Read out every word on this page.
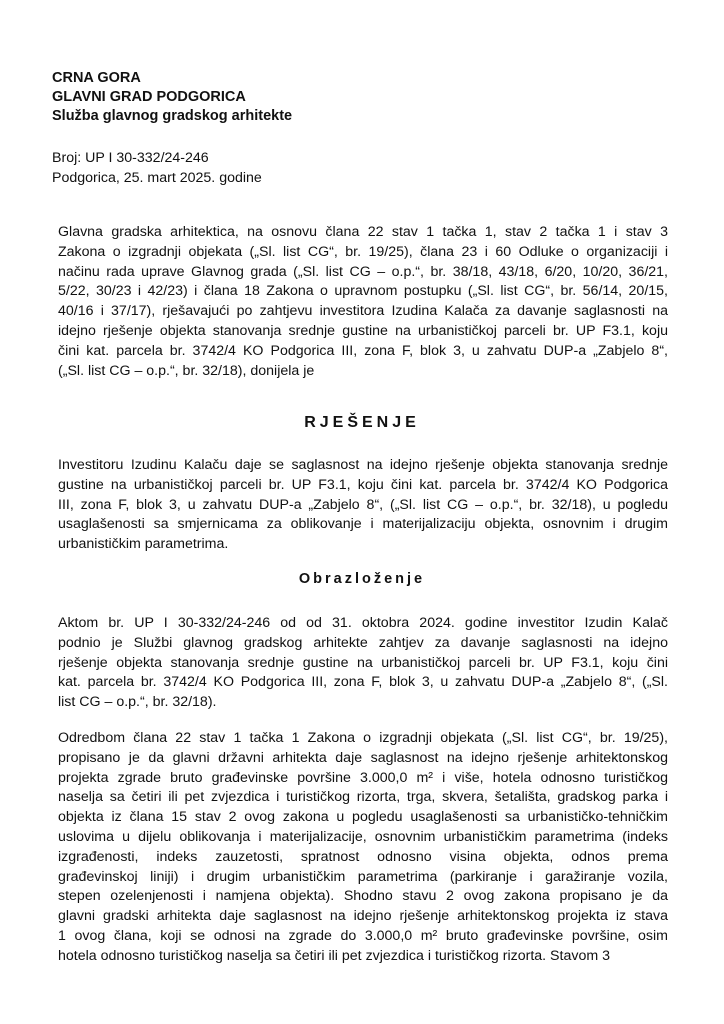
CRNA GORA
GLAVNI GRAD PODGORICA
Služba glavnog gradskog arhitekte
Broj: UP I 30-332/24-246
Podgorica, 25. mart 2025. godine
Glavna gradska arhitektica, na osnovu člana 22 stav 1 tačka 1, stav 2 tačka 1 i stav 3
Zakona o izgradnji objekata („Sl. list CG“, br. 19/25), člana 23 i 60 Odluke o organizaciji i
načinu rada uprave Glavnog grada („Sl. list CG – o.p.“, br. 38/18, 43/18, 6/20, 10/20, 36/21,
5/22, 30/23 i 42/23) i člana 18 Zakona o upravnom postupku („Sl. list CG“, br. 56/14, 20/15,
40/16 i 37/17), rješavajući po zahtjevu investitora Izudina Kalača za davanje saglasnosti na
idejno rješenje objekta stanovanja srednje gustine na urbanističkoj parceli br. UP F3.1, koju
čini kat. parcela br. 3742/4 KO Podgorica III, zona F, blok 3, u zahvatu DUP-a „Zabjelo 8“,
(„Sl. list CG – o.p.“, br. 32/18), donijela je
RJEŠENJE
Investitoru Izudinu Kalaču daje se saglasnost na idejno rješenje objekta stanovanja srednje
gustine na urbanističkoj parceli br. UP F3.1, koju čini kat. parcela br. 3742/4 KO Podgorica
III, zona F, blok 3, u zahvatu DUP-a „Zabjelo 8“, („Sl. list CG – o.p.“, br. 32/18), u pogledu
usaglašenosti sa smjernicama za oblikovanje i materijalizaciju objekta, osnovnim i drugim
urbanističkim parametrima.
Obrazloženje
Aktom br. UP I 30-332/24-246 od od 31. oktobra 2024. godine investitor Izudin Kalač
podnio je Službi glavnog gradskog arhitekte zahtjev za davanje saglasnosti na idejno
rješenje objekta stanovanja srednje gustine na urbanističkoj parceli br. UP F3.1, koju čini
kat. parcela br. 3742/4 KO Podgorica III, zona F, blok 3, u zahvatu DUP-a „Zabjelo 8“, („Sl.
list CG – o.p.“, br. 32/18).
Odredbom člana 22 stav 1 tačka 1 Zakona o izgradnji objekata („Sl. list CG“, br. 19/25),
propisano je da glavni državni arhitekta daje saglasnost na idejno rješenje arhitektonskog
projekta zgrade bruto građevinske površine 3.000,0 m² i više, hotela odnosno turističkog
naselja sa četiri ili pet zvjezdica i turističkog rizorta, trga, skvera, šetališta, gradskog parka i
objekta iz člana 15 stav 2 ovog zakona u pogledu usaglašenosti sa urbanističko-tehničkim
uslovima u dijelu oblikovanja i materijalizacije, osnovnim urbanističkim parametrima (indeks
izgrađenosti, indeks zauzetosti, spratnost odnosno visina objekta, odnos prema
građevinskoj liniji) i drugim urbanističkim parametrima (parkiranje i garažiranje vozila,
stepen ozelenjenosti i namjena objekta). Shodno stavu 2 ovog zakona propisano je da
glavni gradski arhitekta daje saglasnost na idejno rješenje arhitektonskog projekta iz stava
1 ovog člana, koji se odnosi na zgrade do 3.000,0 m² bruto građevinske površine, osim
hotela odnosno turističkog naselja sa četiri ili pet zvjezdica i turističkog rizorta. Stavom 3
